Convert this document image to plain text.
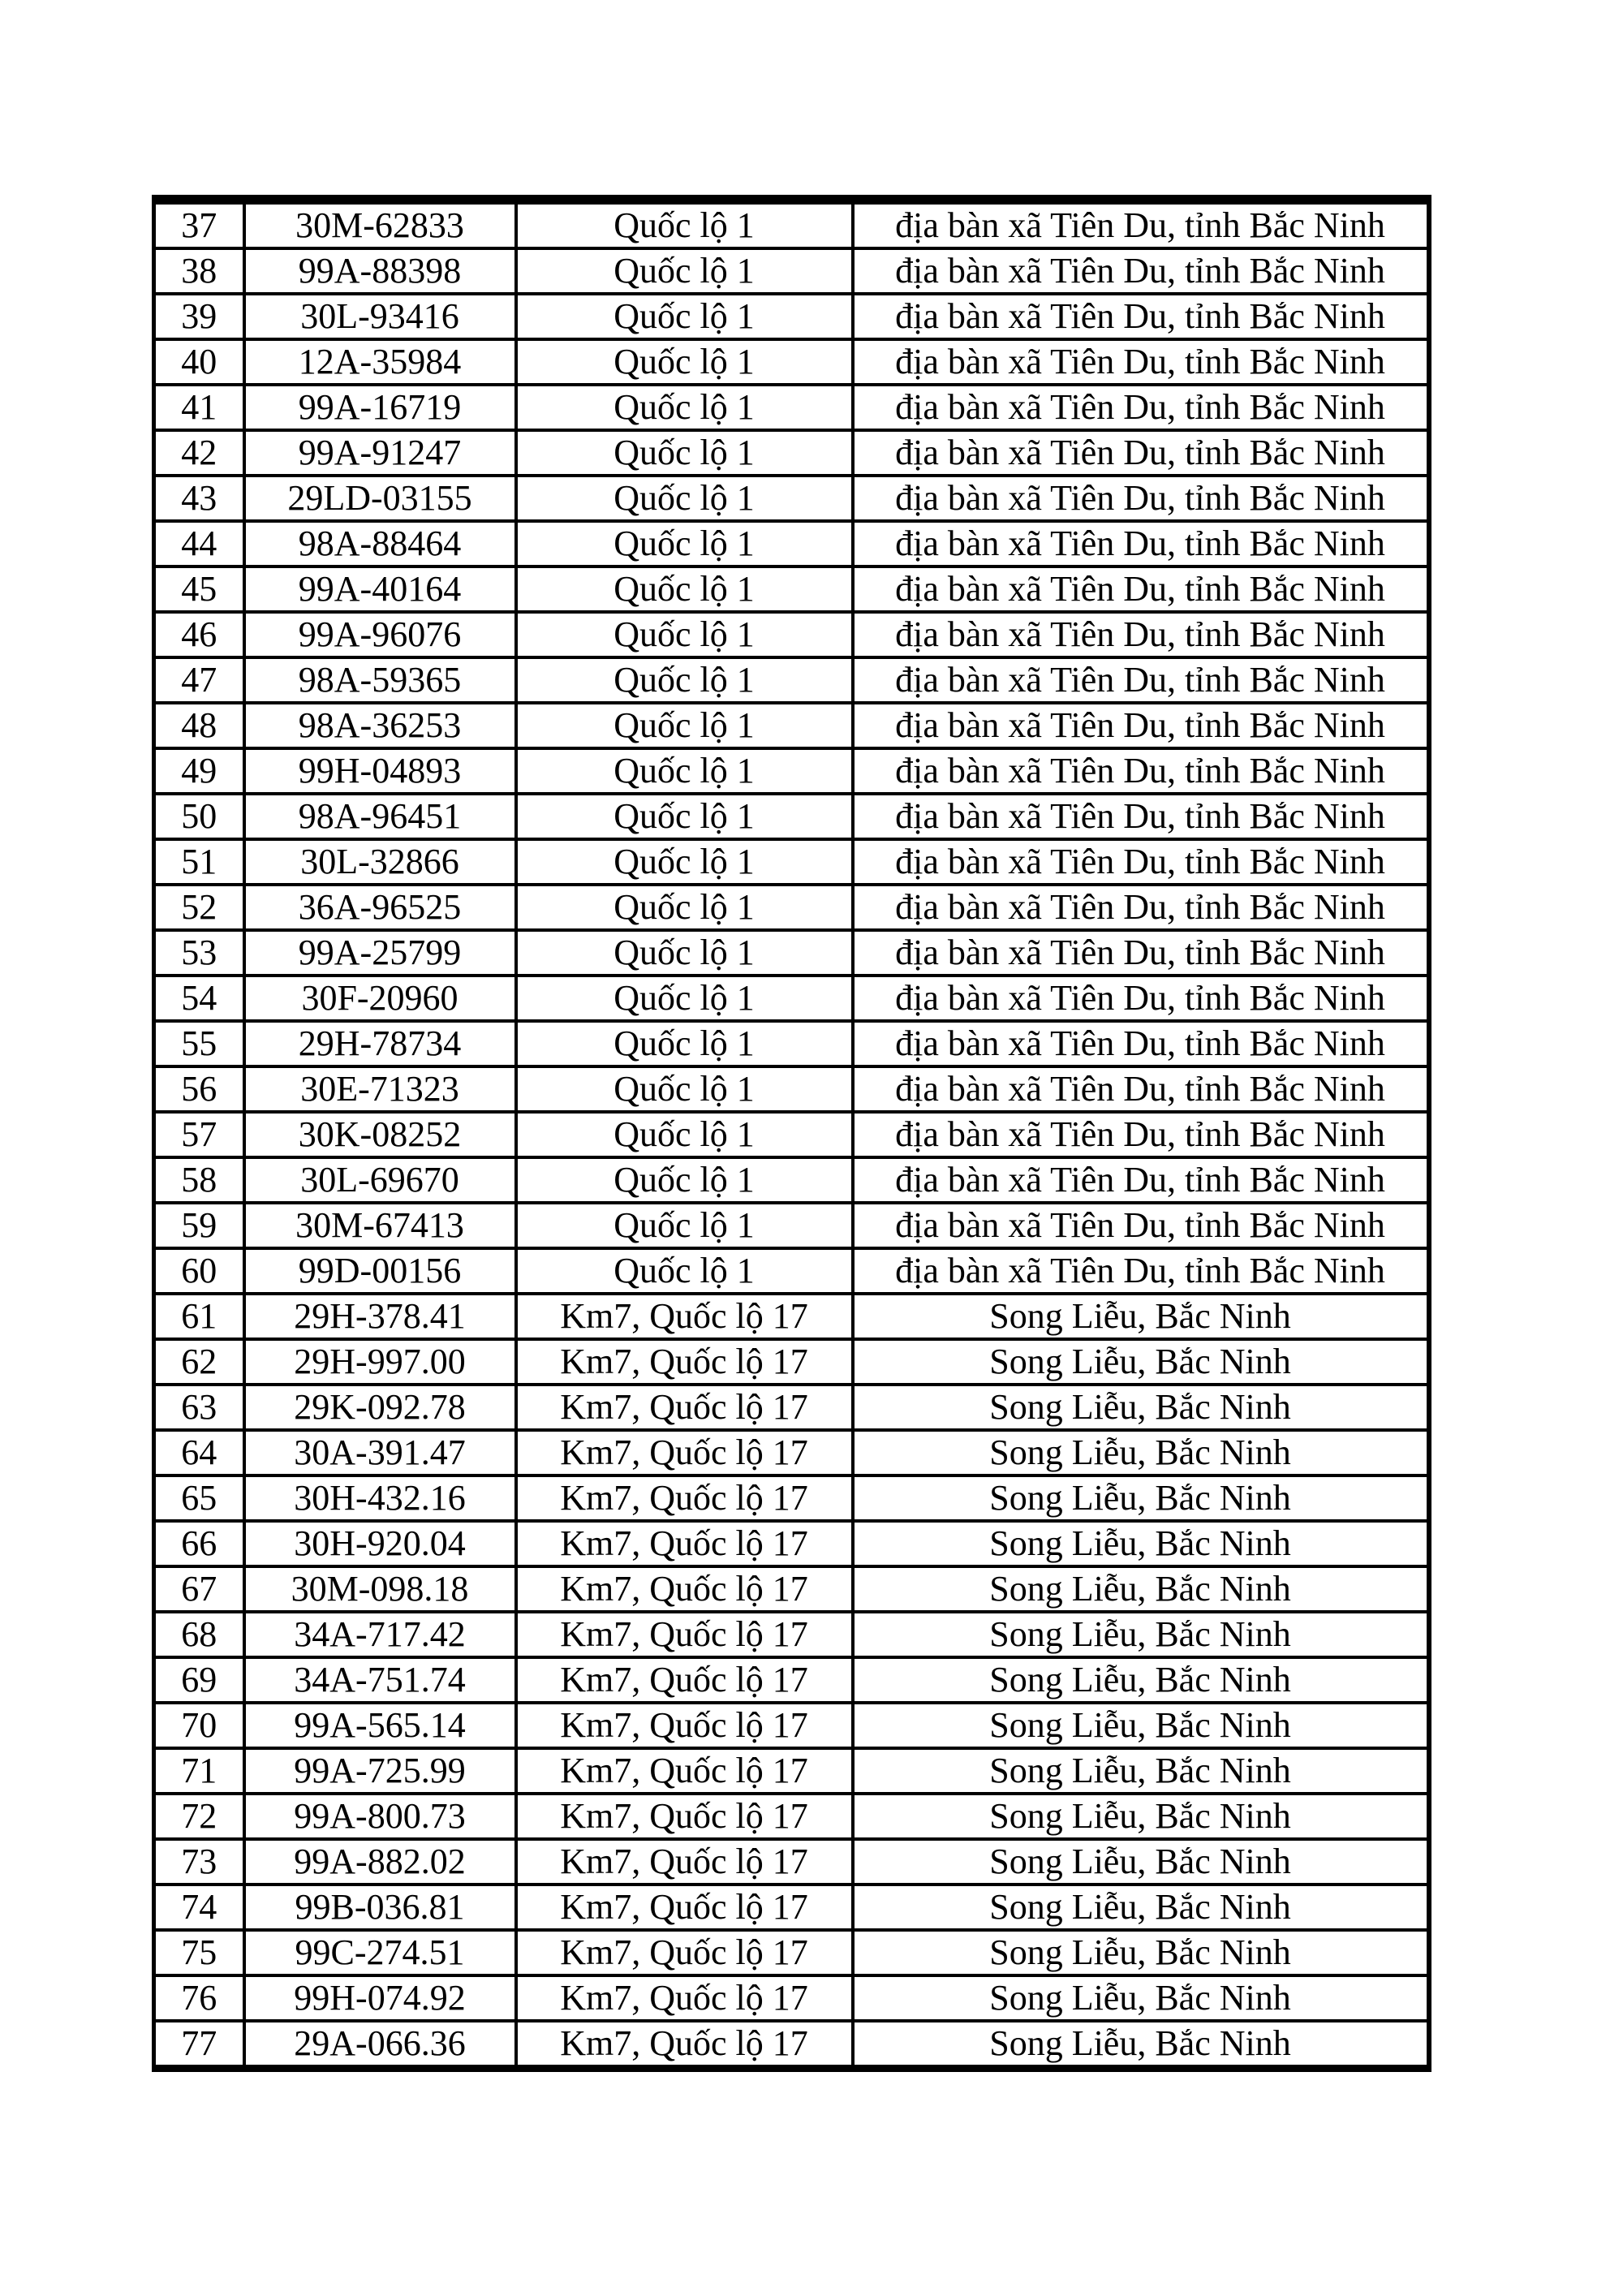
37	30M-62833	Quốc lộ 1	địa bàn xã Tiên Du, tỉnh Bắc Ninh
38	99A-88398	Quốc lộ 1	địa bàn xã Tiên Du, tỉnh Bắc Ninh
39	30L-93416	Quốc lộ 1	địa bàn xã Tiên Du, tỉnh Bắc Ninh
40	12A-35984	Quốc lộ 1	địa bàn xã Tiên Du, tỉnh Bắc Ninh
41	99A-16719	Quốc lộ 1	địa bàn xã Tiên Du, tỉnh Bắc Ninh
42	99A-91247	Quốc lộ 1	địa bàn xã Tiên Du, tỉnh Bắc Ninh
43	29LD-03155	Quốc lộ 1	địa bàn xã Tiên Du, tỉnh Bắc Ninh
44	98A-88464	Quốc lộ 1	địa bàn xã Tiên Du, tỉnh Bắc Ninh
45	99A-40164	Quốc lộ 1	địa bàn xã Tiên Du, tỉnh Bắc Ninh
46	99A-96076	Quốc lộ 1	địa bàn xã Tiên Du, tỉnh Bắc Ninh
47	98A-59365	Quốc lộ 1	địa bàn xã Tiên Du, tỉnh Bắc Ninh
48	98A-36253	Quốc lộ 1	địa bàn xã Tiên Du, tỉnh Bắc Ninh
49	99H-04893	Quốc lộ 1	địa bàn xã Tiên Du, tỉnh Bắc Ninh
50	98A-96451	Quốc lộ 1	địa bàn xã Tiên Du, tỉnh Bắc Ninh
51	30L-32866	Quốc lộ 1	địa bàn xã Tiên Du, tỉnh Bắc Ninh
52	36A-96525	Quốc lộ 1	địa bàn xã Tiên Du, tỉnh Bắc Ninh
53	99A-25799	Quốc lộ 1	địa bàn xã Tiên Du, tỉnh Bắc Ninh
54	30F-20960	Quốc lộ 1	địa bàn xã Tiên Du, tỉnh Bắc Ninh
55	29H-78734	Quốc lộ 1	địa bàn xã Tiên Du, tỉnh Bắc Ninh
56	30E-71323	Quốc lộ 1	địa bàn xã Tiên Du, tỉnh Bắc Ninh
57	30K-08252	Quốc lộ 1	địa bàn xã Tiên Du, tỉnh Bắc Ninh
58	30L-69670	Quốc lộ 1	địa bàn xã Tiên Du, tỉnh Bắc Ninh
59	30M-67413	Quốc lộ 1	địa bàn xã Tiên Du, tỉnh Bắc Ninh
60	99D-00156	Quốc lộ 1	địa bàn xã Tiên Du, tỉnh Bắc Ninh
61	29H-378.41	Km7, Quốc lộ 17	Song Liễu, Bắc Ninh
62	29H-997.00	Km7, Quốc lộ 17	Song Liễu, Bắc Ninh
63	29K-092.78	Km7, Quốc lộ 17	Song Liễu, Bắc Ninh
64	30A-391.47	Km7, Quốc lộ 17	Song Liễu, Bắc Ninh
65	30H-432.16	Km7, Quốc lộ 17	Song Liễu, Bắc Ninh
66	30H-920.04	Km7, Quốc lộ 17	Song Liễu, Bắc Ninh
67	30M-098.18	Km7, Quốc lộ 17	Song Liễu, Bắc Ninh
68	34A-717.42	Km7, Quốc lộ 17	Song Liễu, Bắc Ninh
69	34A-751.74	Km7, Quốc lộ 17	Song Liễu, Bắc Ninh
70	99A-565.14	Km7, Quốc lộ 17	Song Liễu, Bắc Ninh
71	99A-725.99	Km7, Quốc lộ 17	Song Liễu, Bắc Ninh
72	99A-800.73	Km7, Quốc lộ 17	Song Liễu, Bắc Ninh
73	99A-882.02	Km7, Quốc lộ 17	Song Liễu, Bắc Ninh
74	99B-036.81	Km7, Quốc lộ 17	Song Liễu, Bắc Ninh
75	99C-274.51	Km7, Quốc lộ 17	Song Liễu, Bắc Ninh
76	99H-074.92	Km7, Quốc lộ 17	Song Liễu, Bắc Ninh
77	29A-066.36	Km7, Quốc lộ 17	Song Liễu, Bắc Ninh
